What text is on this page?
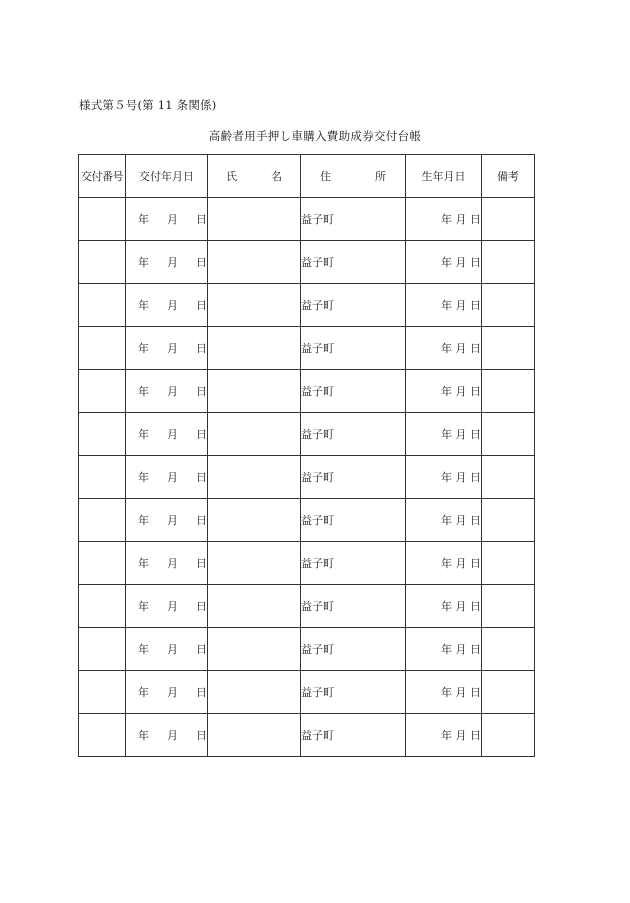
様式第５号(第 11 条関係)
高齢者用手押し車購入費助成券交付台帳
交付番号	交付年月日	氏 名	住 所	生年月日	備考
	年 月 日		益子町	年 月 日	
	年 月 日		益子町	年 月 日	
	年 月 日		益子町	年 月 日	
	年 月 日		益子町	年 月 日	
	年 月 日		益子町	年 月 日	
	年 月 日		益子町	年 月 日	
	年 月 日		益子町	年 月 日	
	年 月 日		益子町	年 月 日	
	年 月 日		益子町	年 月 日	
	年 月 日		益子町	年 月 日	
	年 月 日		益子町	年 月 日	
	年 月 日		益子町	年 月 日	
	年 月 日		益子町	年 月 日	
